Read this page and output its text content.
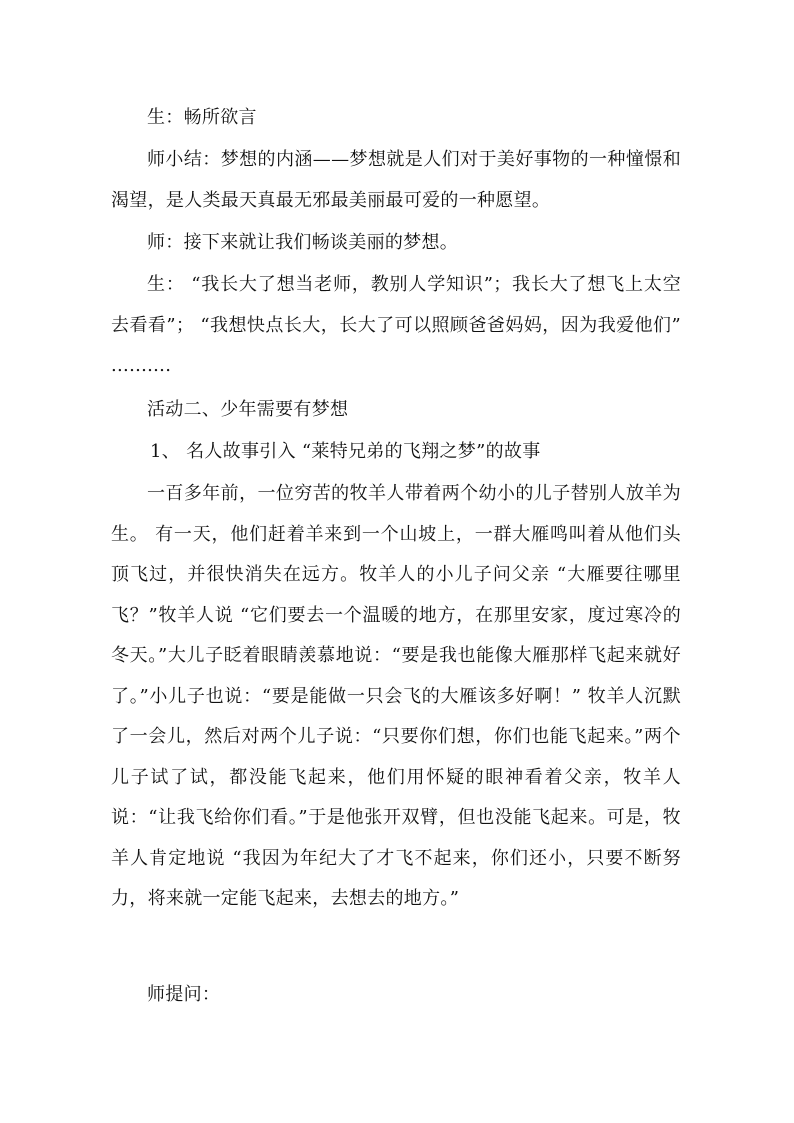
生：畅所欲言

师小结：梦想的内涵——梦想就是人们对于美好事物的一种憧憬和渴望，是人类最天真最无邪最美丽最可爱的一种愿望。

师：接下来就让我们畅谈美丽的梦想。

生： “我长大了想当老师，教别人学知识”；我长大了想飞上太空去看看”； “我想快点长大，长大了可以照顾爸爸妈妈，因为我爱他们” ..........

活动二、少年需要有梦想

1、 名人故事引入 “莱特兄弟的飞翔之梦”的故事

一百多年前，一位穷苦的牧羊人带着两个幼小的儿子替别人放羊为生。 有一天，他们赶着羊来到一个山坡上，一群大雁鸣叫着从他们头顶飞过，并很快消失在远方。牧羊人的小儿子问父亲 “大雁要往哪里飞？”牧羊人说 “它们要去一个温暖的地方，在那里安家，度过寒冷的冬天。”大儿子眨着眼睛羡慕地说：“要是我也能像大雁那样飞起来就好了。”小儿子也说：“要是能做一只会飞的大雁该多好啊！” 牧羊人沉默了一会儿，然后对两个儿子说：“只要你们想，你们也能飞起来。”两个儿子试了试，都没能飞起来，他们用怀疑的眼神看着父亲，牧羊人说：“让我飞给你们看。”于是他张开双臂，但也没能飞起来。可是，牧羊人肯定地说 “我因为年纪大了才飞不起来，你们还小，只要不断努力，将来就一定能飞起来，去想去的地方。”

师提问：
